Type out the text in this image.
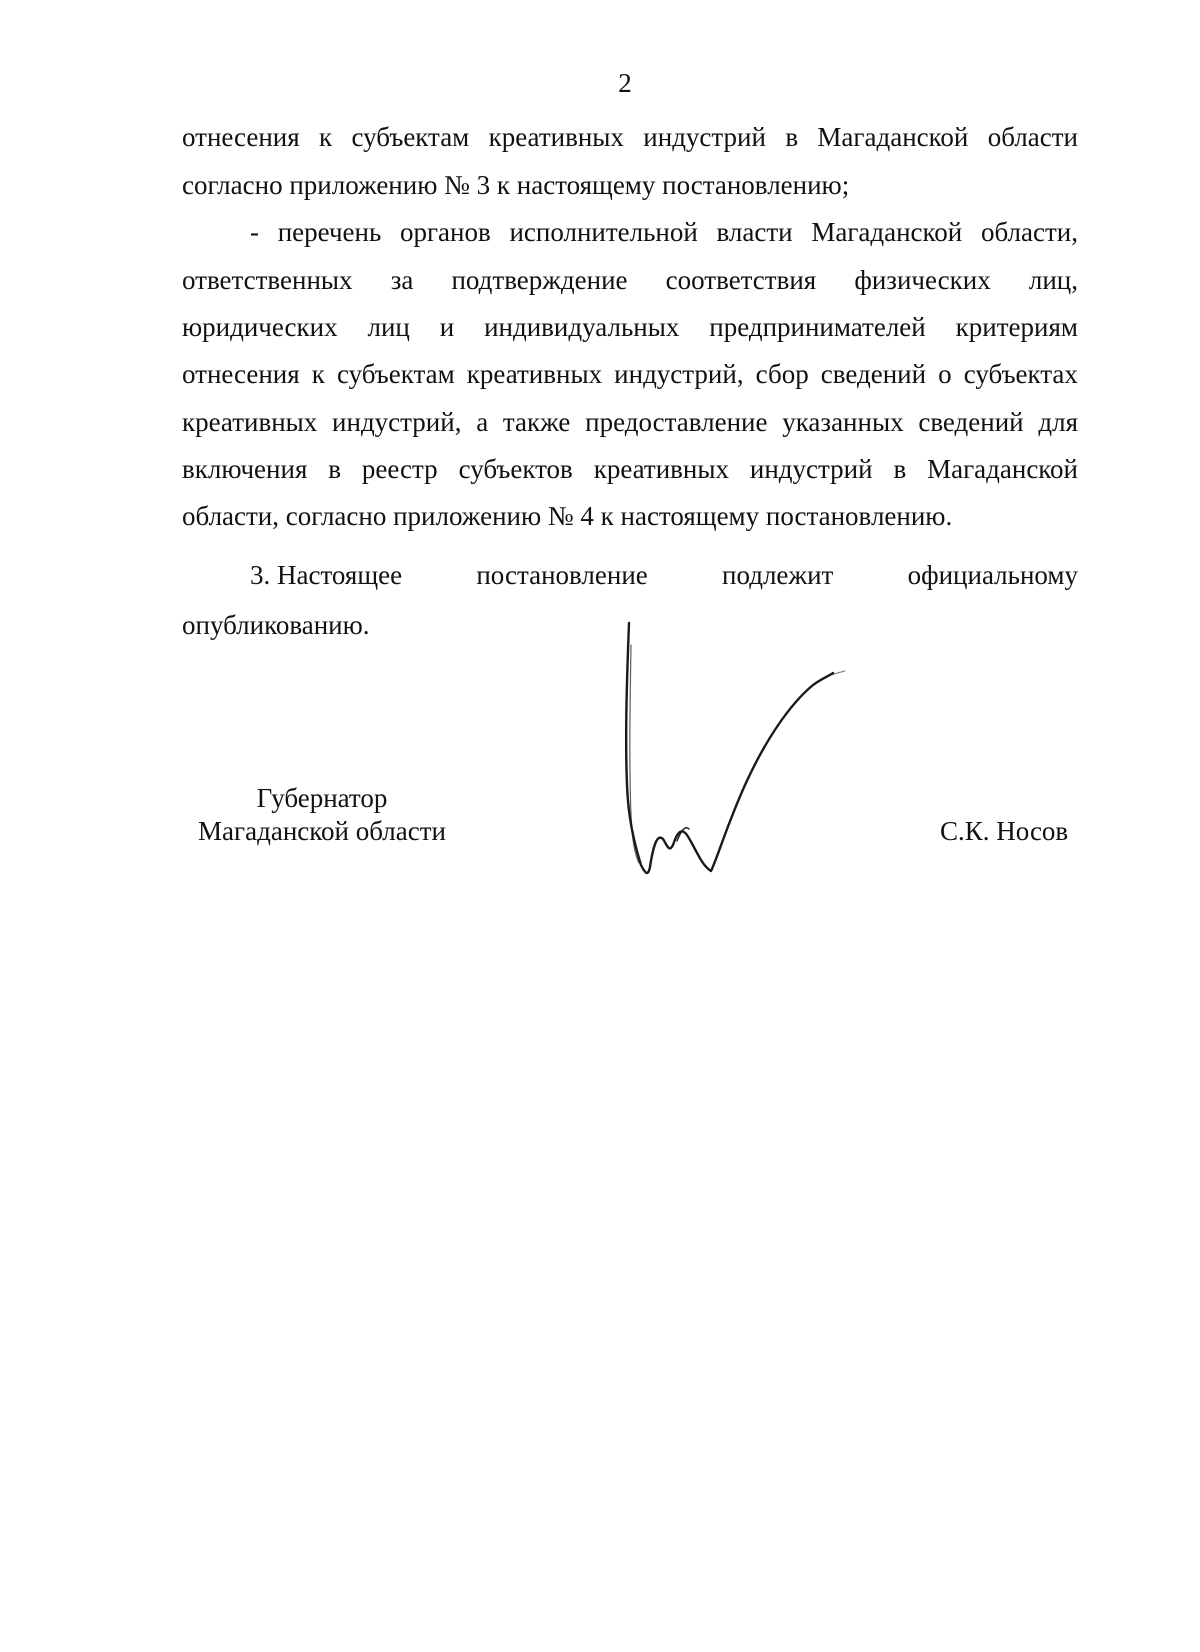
2
отнесения к субъектам креативных индустрий в Магаданской области
согласно приложению № 3 к настоящему постановлению;
- перечень органов исполнительной власти Магаданской области,
ответственных за подтверждение соответствия физических лиц,
юридических лиц и индивидуальных предпринимателей критериям
отнесения к субъектам креативных индустрий, сбор сведений о субъектах
креативных индустрий, а также предоставление указанных сведений для
включения в реестр субъектов креативных индустрий в Магаданской
области, согласно приложению № 4 к настоящему постановлению.
3. Настоящее	постановление	подлежит	официальному
опубликованию.
Губернатор
Магаданской области	С.К. Носов
